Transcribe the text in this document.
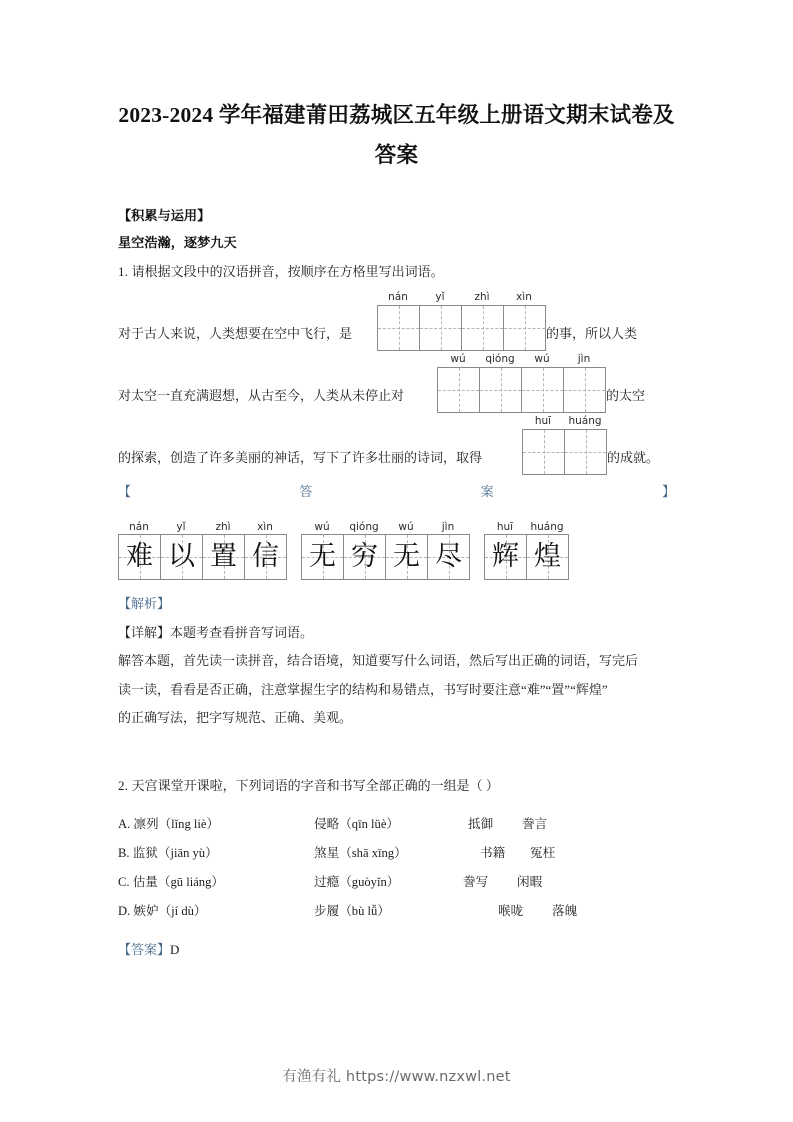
2023-2024 学年福建莆田荔城区五年级上册语文期末试卷及答案
【积累与运用】
星空浩瀚，逐梦九天
1. 请根据文段中的汉语拼音，按顺序在方格里写出词语。
对于古人来说，人类想要在空中飞行，是
nán	yǐ	zhì	xìn

的事，所以人类
对太空一直充满遐想，从古至今，人类从未停止对
wú	qióng	wú	jìn

的太空
的探索，创造了许多美丽的神话，写下了许多壮丽的诗词，取得
huī	huáng

的成就。
【	答	案	】
nán	yǐ	zhì	xìn
难 以 置 信
wú	qióng	wú	jìn
无 穷 无 尽
huī	huáng
辉 煌
【解析】
【详解】本题考查看拼音写词语。
解答本题，首先读一读拼音，结合语境，知道要写什么词语，然后写出正确的词语，写完后
读一读，看看是否正确，注意掌握生字的结构和易错点，书写时要注意“难”“置”“辉煌”
的正确写法，把字写规范、正确、美观。
2. 天宫课堂开课啦，下列词语的字音和书写全部正确的一组是（ ）
A. 凛列（lǐng liè）	侵略（qīn lüè）	抵御 誊言
B. 监狱（jiān yù）	煞星（shā xīng）	书籍 冤枉
C. 估量（gū liáng）	过瘾（guòyǐn）	誊写 闲暇
D. 嫉妒（jí dù）	步履（bù lǚ）	喉咙 落魄
【答案】D
有渔有礼 https://www.nzxwl.net
